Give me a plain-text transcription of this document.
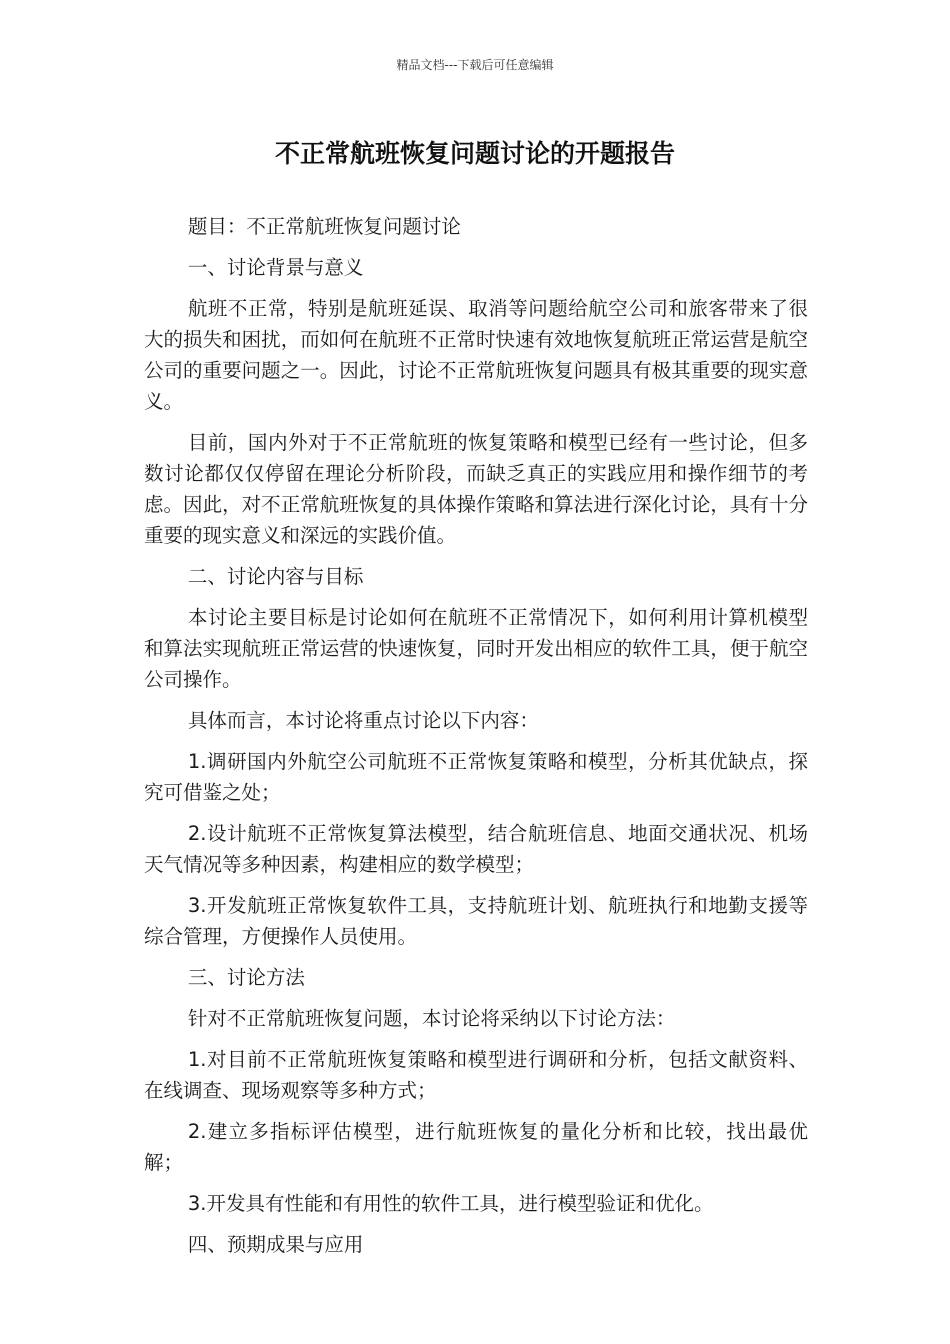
精品文档---下载后可任意编辑
不正常航班恢复问题讨论的开题报告

题目：不正常航班恢复问题讨论

一、讨论背景与意义

航班不正常，特别是航班延误、取消等问题给航空公司和旅客带来了很大的损失和困扰，而如何在航班不正常时快速有效地恢复航班正常运营是航空公司的重要问题之一。因此，讨论不正常航班恢复问题具有极其重要的现实意义。

目前，国内外对于不正常航班的恢复策略和模型已经有一些讨论，但多数讨论都仅仅停留在理论分析阶段，而缺乏真正的实践应用和操作细节的考虑。因此，对不正常航班恢复的具体操作策略和算法进行深化讨论，具有十分重要的现实意义和深远的实践价值。

二、讨论内容与目标

本讨论主要目标是讨论如何在航班不正常情况下，如何利用计算机模型和算法实现航班正常运营的快速恢复，同时开发出相应的软件工具，便于航空公司操作。

具体而言，本讨论将重点讨论以下内容：

1.调研国内外航空公司航班不正常恢复策略和模型，分析其优缺点，探究可借鉴之处；

2.设计航班不正常恢复算法模型，结合航班信息、地面交通状况、机场天气情况等多种因素，构建相应的数学模型；

3.开发航班正常恢复软件工具，支持航班计划、航班执行和地勤支援等综合管理，方便操作人员使用。

三、讨论方法

针对不正常航班恢复问题，本讨论将采纳以下讨论方法：

1.对目前不正常航班恢复策略和模型进行调研和分析，包括文献资料、在线调查、现场观察等多种方式；

2.建立多指标评估模型，进行航班恢复的量化分析和比较，找出最优解；

3.开发具有性能和有用性的软件工具，进行模型验证和优化。

四、预期成果与应用
